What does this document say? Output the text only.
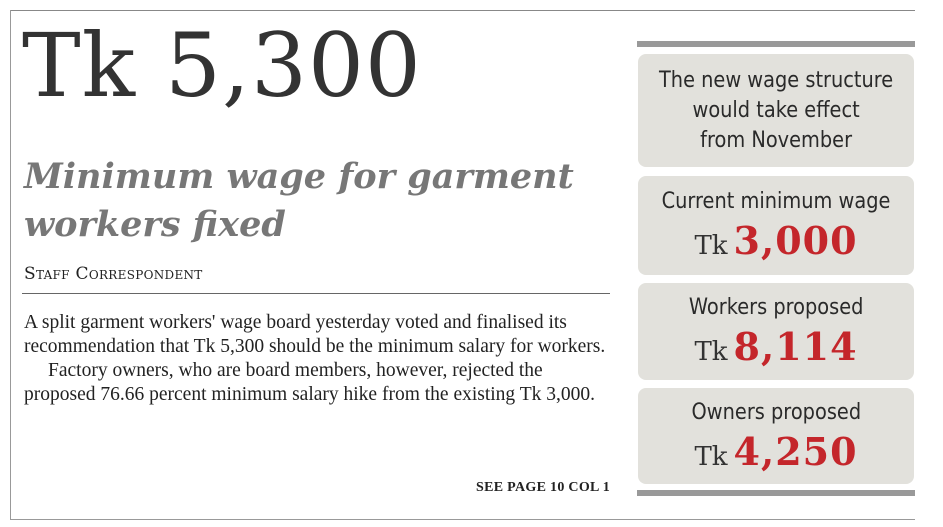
Tk 5,300
Minimum wage for garment workers fixed
Staff Correspondent

A split garment workers' wage board yesterday voted and finalised its recommendation that Tk 5,300 should be the minimum salary for workers.

Factory owners, who are board members, however, rejected the proposed 76.66 percent minimum salary hike from the existing Tk 3,000.

SEE PAGE 10 COL 1
The new wage structure
would take effect
from November
Current minimum wage
Tk 3,000
Workers proposed
Tk 8,114
Owners proposed
Tk 4,250
